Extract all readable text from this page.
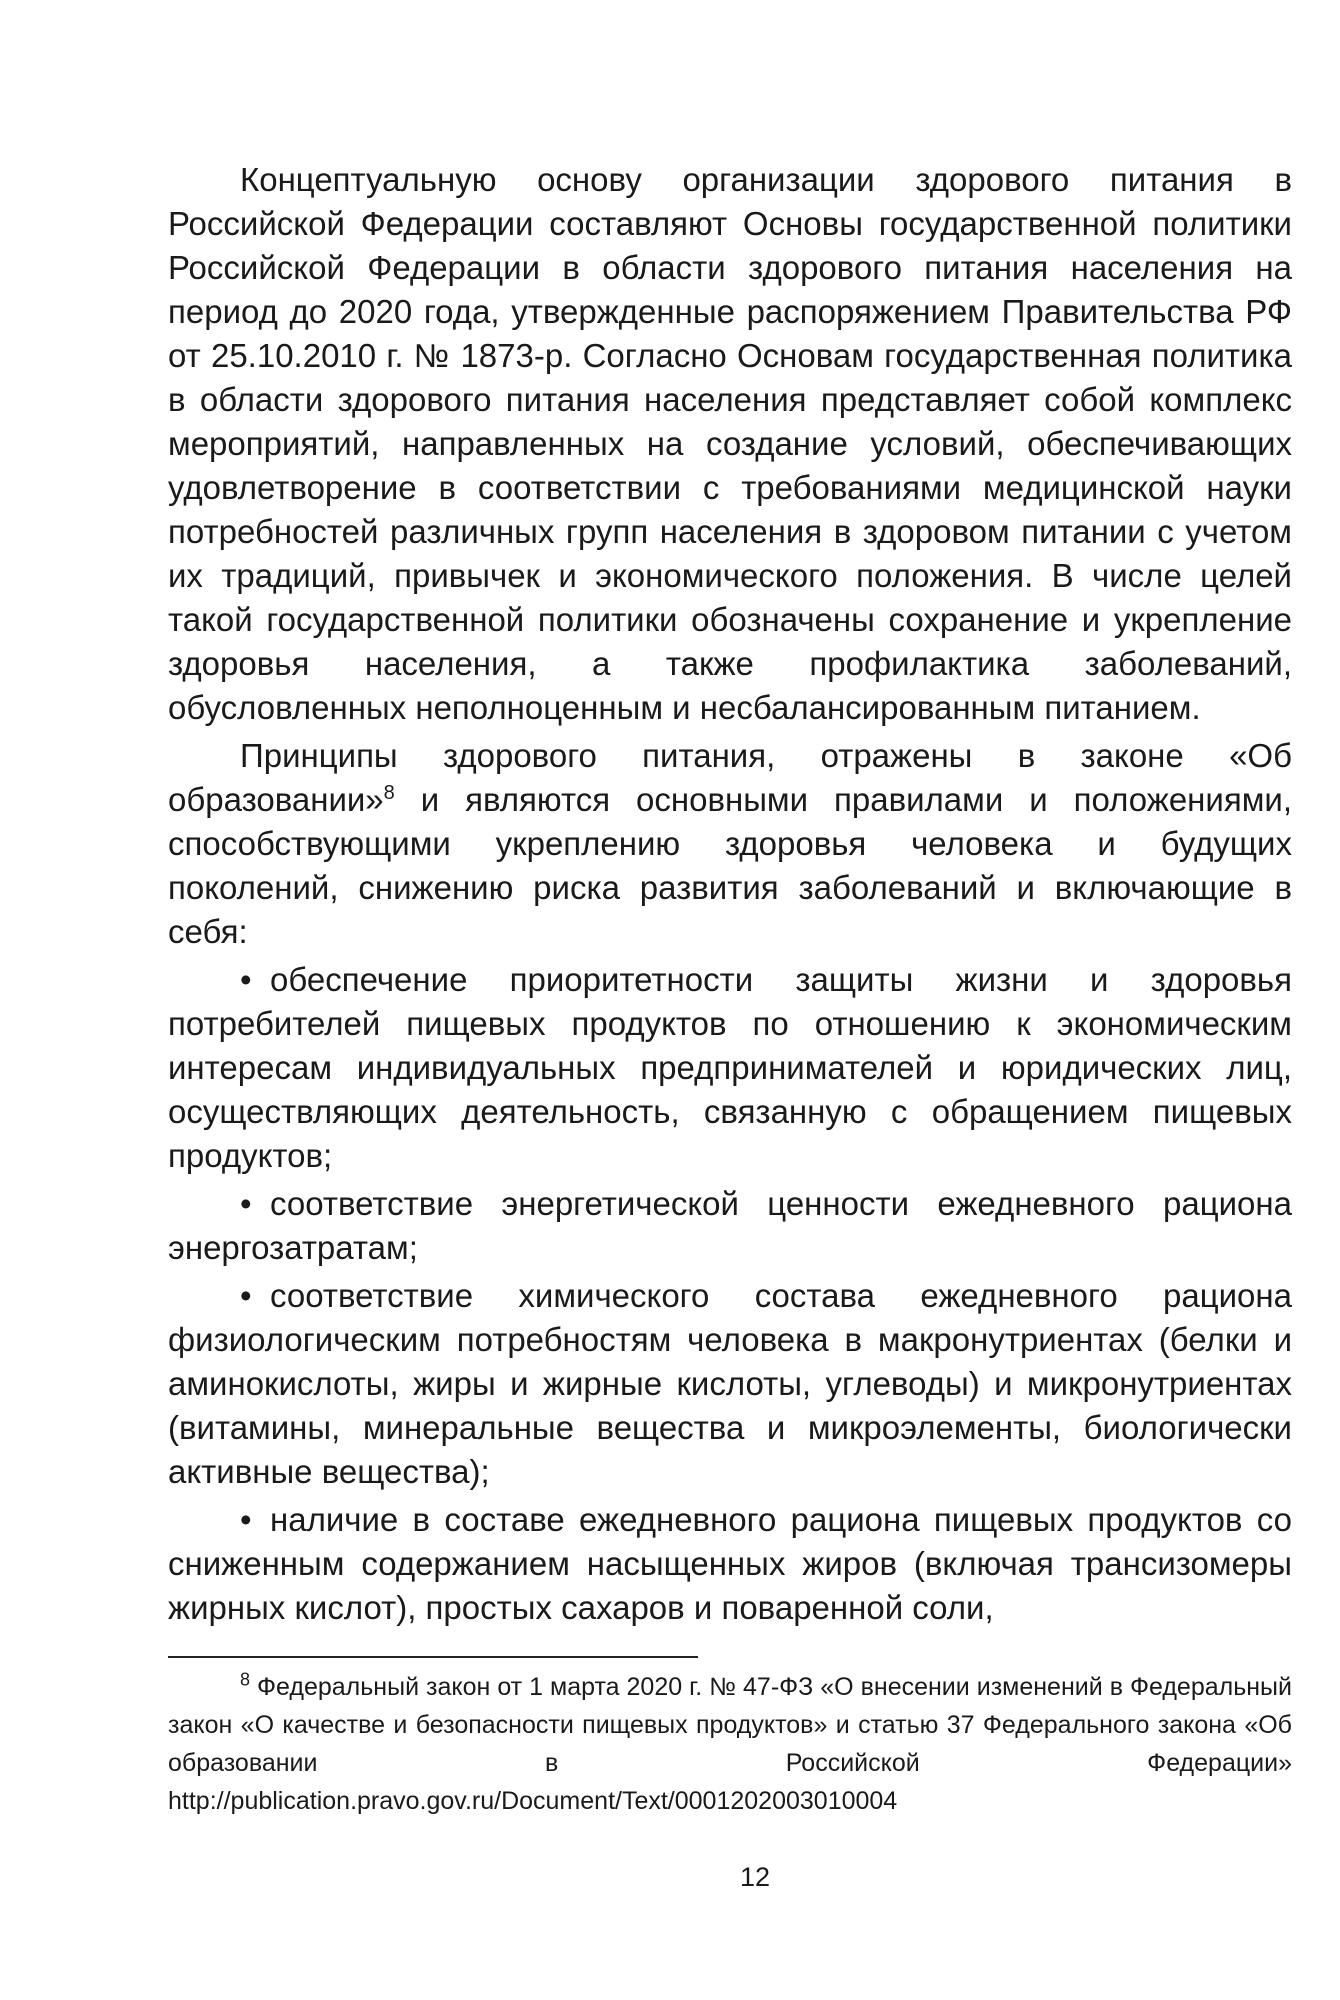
Концептуальную основу организации здорового питания в Российской Федерации составляют Основы государственной политики Российской Федерации в области здорового питания населения на период до 2020 года, утвержденные распоряжением Правительства РФ от 25.10.2010 г. № 1873-р. Согласно Основам государственная политика в области здорового питания населения представляет собой комплекс мероприятий, направленных на создание условий, обеспечивающих удовлетворение в соответствии с требованиями медицинской науки потребностей различных групп населения в здоровом питании с учетом их традиций, привычек и экономического положения. В числе целей такой государственной политики обозначены сохранение и укрепление здоровья населения, а также профилактика заболеваний, обусловленных неполноценным и несбалансированным питанием.

Принципы здорового питания, отражены в законе «Об образовании»$^8$ и являются основными правилами и положениями, способствующими укреплению здоровья человека и будущих поколений, снижению риска развития заболеваний и включающие в себя:

• обеспечение приоритетности защиты жизни и здоровья потребителей пищевых продуктов по отношению к экономическим интересам индивидуальных предпринимателей и юридических лиц, осуществляющих деятельность, связанную с обращением пищевых продуктов;
• соответствие энергетической ценности ежедневного рациона энергозатратам;
• соответствие химического состава ежедневного рациона физиологическим потребностям человека в макронутриентах (белки и аминокислоты, жиры и жирные кислоты, углеводы) и микронутриентах (витамины, минеральные вещества и микроэлементы, биологически активные вещества);
• наличие в составе ежедневного рациона пищевых продуктов со сниженным содержанием насыщенных жиров (включая трансизомеры жирных кислот), простых сахаров и поваренной соли,
$^8$ Федеральный закон от 1 марта 2020 г. № 47-ФЗ «О внесении изменений в Федеральный закон «О качестве и безопасности пищевых продуктов» и статью 37 Федерального закона «Об образовании в Российской Федерации» http://publication.pravo.gov.ru/Document/Text/0001202003010004
12
